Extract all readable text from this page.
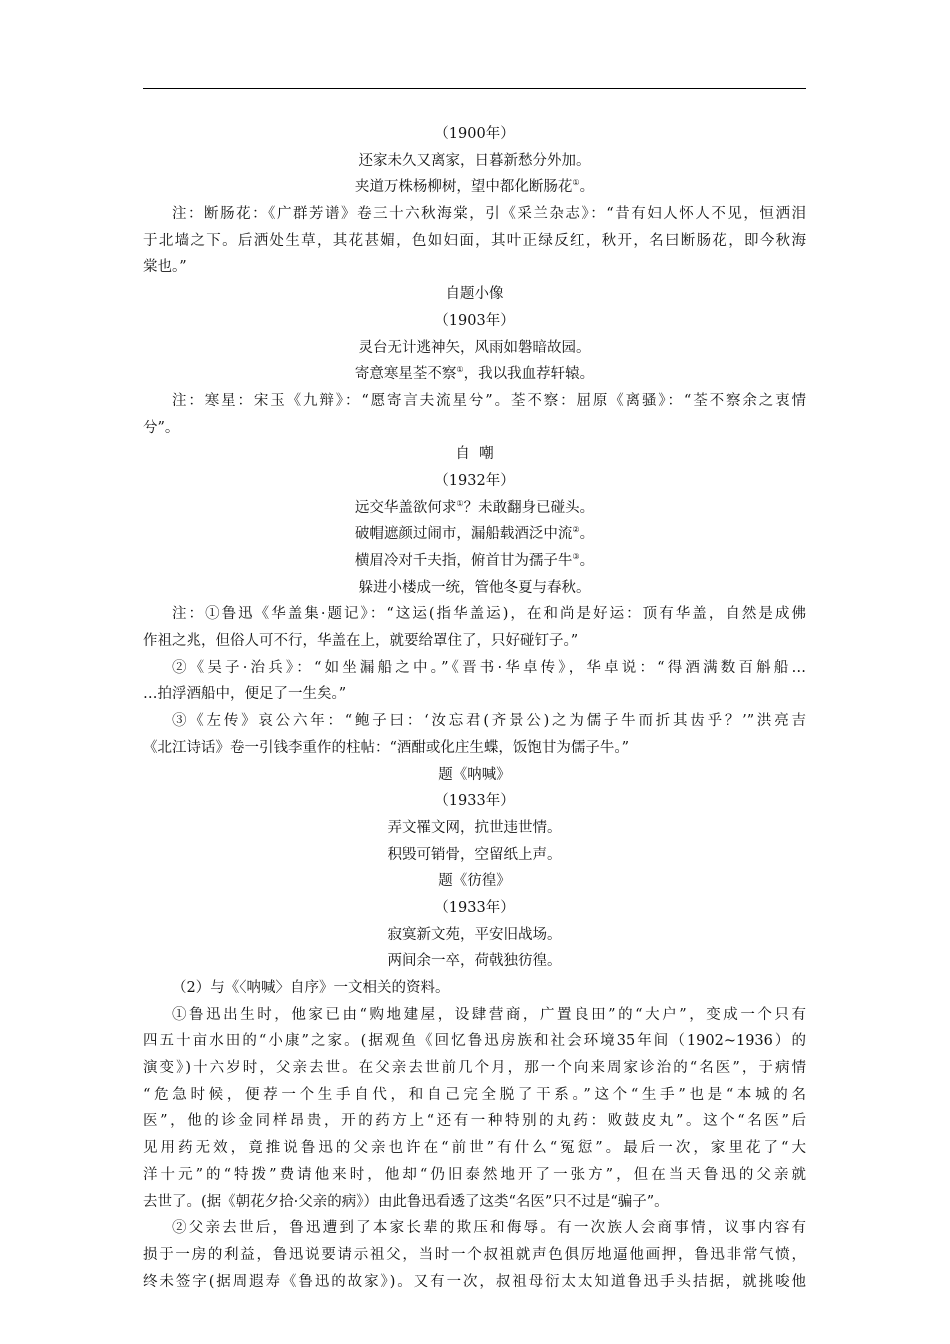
（1900年）
还家未久又离家，日暮新愁分外加。
夹道万株杨柳树，望中都化断肠花①。
注：断肠花：《广群芳谱》卷三十六秋海棠，引《采兰杂志》：“昔有妇人怀人不见，恒洒泪
于北墙之下。后洒处生草，其花甚媚，色如妇面，其叶正绿反红，秋开，名曰断肠花，即今秋海
棠也。”
自题小像
（1903年）
灵台无计逃神矢，风雨如磐暗故园。
寄意寒星荃不察①，我以我血荐轩辕。
注：寒星：宋玉《九辩》：“愿寄言夫流星兮”。荃不察：屈原《离骚》：“荃不察余之衷情
兮”。
自  嘲
（1932年）
远交华盖欲何求①？未敢翻身已碰头。
破帽遮颜过闹市，漏船载酒泛中流②。
横眉冷对千夫指，俯首甘为孺子牛③。
躲进小楼成一统，管他冬夏与春秋。
注：①鲁迅《华盖集·题记》：“这运(指华盖运)，在和尚是好运：顶有华盖，自然是成佛
作祖之兆，但俗人可不行，华盖在上，就要给罩住了，只好碰钉子。”
②《吴子·治兵》：“如坐漏船之中。”《晋书·华卓传》，华卓说：“得酒满数百斛船…
…拍浮酒船中，便足了一生矣。”
③《左传》哀公六年：“鲍子曰：‘汝忘君(齐景公)之为儒子牛而折其齿乎？’”洪亮吉
《北江诗话》卷一引钱李重作的柱帖：“酒酣或化庄生蝶，饭饱甘为儒子牛。”
题《呐喊》
（1933年）
弄文罹文网，抗世违世情。
积毁可销骨，空留纸上声。
题《彷徨》
（1933年）
寂寞新文苑，平安旧战场。
两间余一卒，荷戟独彷徨。
（2）与《〈呐喊〉自序》一文相关的资料。
①鲁迅出生时，他家已由“购地建屋，设肆营商，广置良田”的“大户”，变成一个只有
四五十亩水田的“小康”之家。(据观鱼《回忆鲁迅房族和社会环境35年间（1902~1936）的
演变》)十六岁时，父亲去世。在父亲去世前几个月，那一个向来周家诊治的“名医”，于病情
“危急时候，便荐一个生手自代，和自己完全脱了干系。”这个“生手”也是“本城的名
医”，他的诊金同样昂贵，开的药方上“还有一种特别的丸药：败鼓皮丸”。这个“名医”后
见用药无效，竟推说鲁迅的父亲也许在“前世”有什么“冤愆”。最后一次，家里花了“大
洋十元”的“特拨”费请他来时，他却“仍旧泰然地开了一张方”，但在当天鲁迅的父亲就
去世了。(据《朝花夕拾·父亲的病》）由此鲁迅看透了这类“名医”只不过是“骗子”。
②父亲去世后，鲁迅遭到了本家长辈的欺压和侮辱。有一次族人会商事情，议事内容有
损于一房的利益，鲁迅说要请示祖父，当时一个叔祖就声色俱厉地逼他画押，鲁迅非常气愤，
终未签字(据周遐寿《鲁迅的故家》)。又有一次，叔祖母衍太太知道鲁迅手头拮据，就挑唆他
